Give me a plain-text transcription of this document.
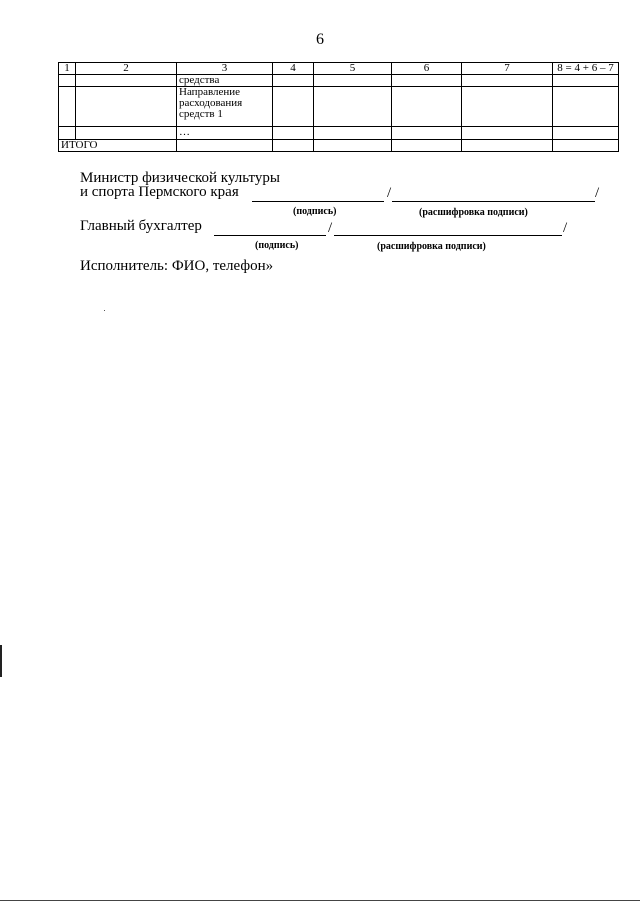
6
1	2	3	4	5	6	7	8 = 4 + 6 – 7
		средства					
		Направление расходования средств 1					
		…					
ИТОГО							
Министр физической культуры
и спорта Пермского края	/	/
(подпись)	(расшифровка подписи)
Главный бухгалтер	/	/
(подпись)	(расшифровка подписи)
Исполнитель: ФИО, телефон»
